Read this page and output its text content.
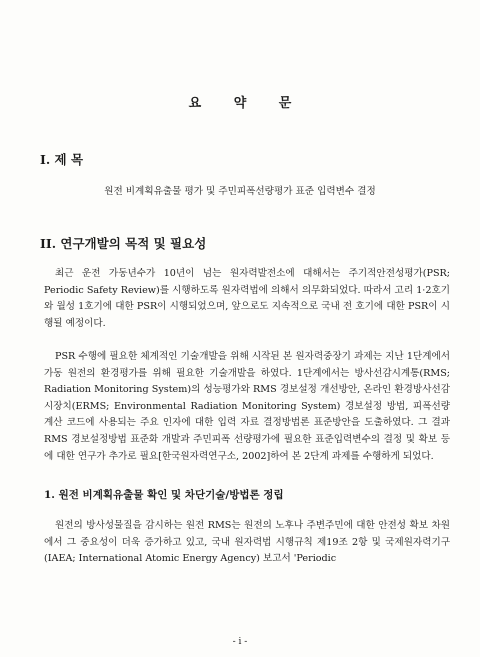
요 약 문
I. 제 목
원전 비계획유출물 평가 및 주민피폭선량평가 표준 입력변수 결정
II. 연구개발의 목적 및 필요성
최근 운전 가동년수가 10년이 넘는 원자력발전소에 대해서는 주기적안전성평가(PSR; Periodic Safety Review)를 시행하도록 원자력법에 의해서 의무화되었다. 따라서 고리 1·2호기와 월성 1호기에 대한 PSR이 시행되었으며, 앞으로도 지속적으로 국내 전 호기에 대한 PSR이 시행될 예정이다.
PSR 수행에 필요한 체계적인 기술개발을 위해 시작된 본 원자력중장기 과제는 지난 1단계에서 가동 원전의 환경평가를 위해 필요한 기술개발을 하였다. 1단계에서는 방사선감시계통(RMS; Radiation Monitoring System)의 성능평가와 RMS 경보설정 개선방안, 온라인 환경방사선감시장치(ERMS; Environmental Radiation Monitoring System) 경보설정 방법, 피폭선량 계산 코드에 사용되는 주요 인자에 대한 입력 자료 결정방법론 표준방안을 도출하였다. 그 결과 RMS 경보설정방법 표준화 개발과 주민피폭 선량평가에 필요한 표준입력변수의 결정 및 확보 등에 대한 연구가 추가로 필요[한국원자력연구소, 2002]하여 본 2단계 과제를 수행하게 되었다.
1. 원전 비계획유출물 확인 및 차단기술/방법론 정립
원전의 방사성물질을 감시하는 원전 RMS는 원전의 노후나 주변주민에 대한 안전성 확보 차원에서 그 중요성이 더욱 증가하고 있고, 국내 원자력법 시행규칙 제19조 2항 및 국제원자력기구(IAEA; International Atomic Energy Agency) 보고서 'Periodic
- i -
